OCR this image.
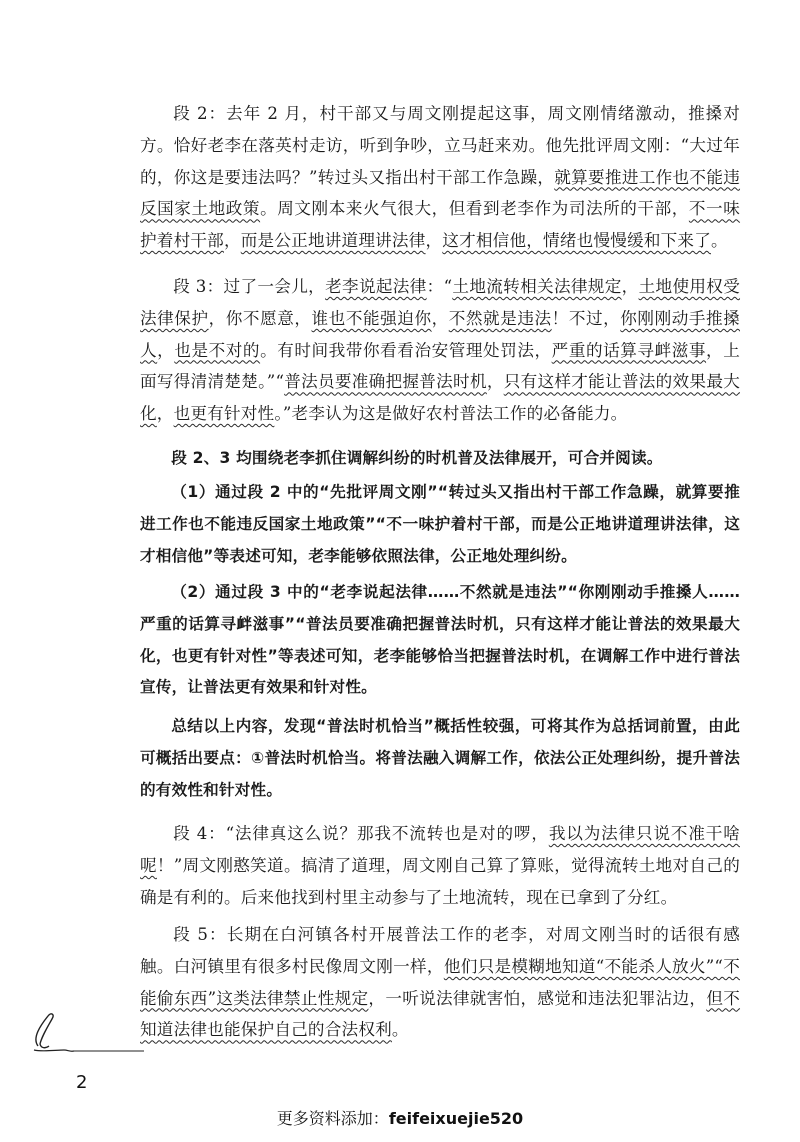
段 2：去年 2 月，村干部又与周文刚提起这事，周文刚情绪激动，推搡对方。恰好老李在落英村走访，听到争吵，立马赶来劝。他先批评周文刚：“大过年的，你这是要违法吗？”转过头又指出村干部工作急躁，就算要推进工作也不能违反国家土地政策。周文刚本来火气很大，但看到老李作为司法所的干部，不一味护着村干部，而是公正地讲道理讲法律，这才相信他，情绪也慢慢缓和下来了。

段 3：过了一会儿，老李说起法律：“土地流转相关法律规定，土地使用权受法律保护，你不愿意，谁也不能强迫你，不然就是违法！不过，你刚刚动手推搡人，也是不对的。有时间我带你看看治安管理处罚法，严重的话算寻衅滋事，上面写得清清楚楚。”“普法员要准确把握普法时机，只有这样才能让普法的效果最大化，也更有针对性。”老李认为这是做好农村普法工作的必备能力。

段 2、3 均围绕老李抓住调解纠纷的时机普及法律展开，可合并阅读。

（1）通过段 2 中的“先批评周文刚”“转过头又指出村干部工作急躁，就算要推进工作也不能违反国家土地政策”“不一味护着村干部，而是公正地讲道理讲法律，这才相信他”等表述可知，老李能够依照法律，公正地处理纠纷。

（2）通过段 3 中的“老李说起法律……不然就是违法”“你刚刚动手推搡人……严重的话算寻衅滋事”“普法员要准确把握普法时机，只有这样才能让普法的效果最大化，也更有针对性”等表述可知，老李能够恰当把握普法时机，在调解工作中进行普法宣传，让普法更有效果和针对性。

总结以上内容，发现“普法时机恰当”概括性较强，可将其作为总括词前置，由此可概括出要点：①普法时机恰当。将普法融入调解工作，依法公正处理纠纷，提升普法的有效性和针对性。

段 4：“法律真这么说？那我不流转也是对的啰，我以为法律只说不准干啥呢！”周文刚憨笑道。搞清了道理，周文刚自己算了算账，觉得流转土地对自己的确是有利的。后来他找到村里主动参与了土地流转，现在已拿到了分红。

段 5：长期在白河镇各村开展普法工作的老李，对周文刚当时的话很有感触。白河镇里有很多村民像周文刚一样，他们只是模糊地知道“不能杀人放火”“不能偷东西”这类法律禁止性规定，一听说法律就害怕，感觉和违法犯罪沾边，但不知道法律也能保护自己的合法权利。

2
更多资料添加：feifeixuejie520
